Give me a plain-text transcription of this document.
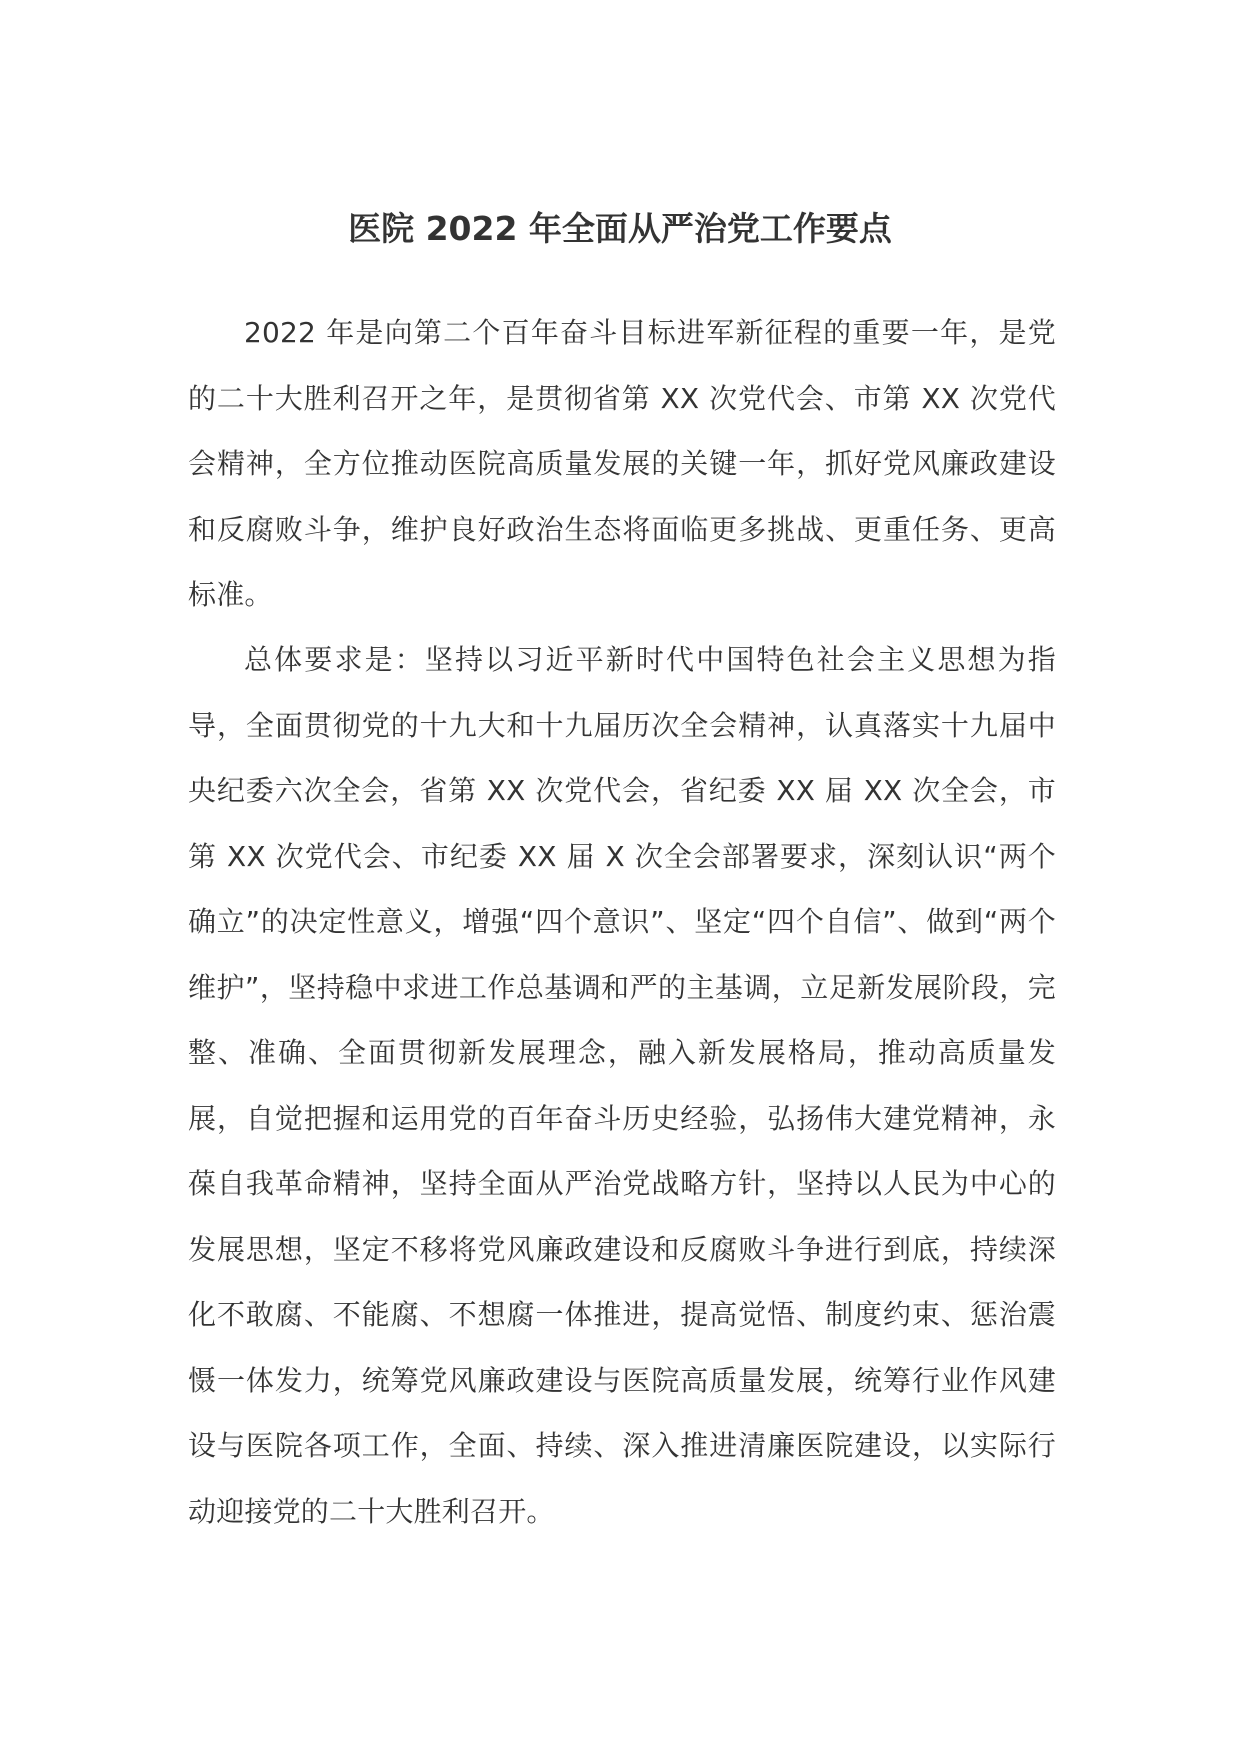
医院 2022 年全面从严治党工作要点

2022 年是向第二个百年奋斗目标进军新征程的重要一年，是党的二十大胜利召开之年，是贯彻省第 XX 次党代会、市第 XX 次党代会精神，全方位推动医院高质量发展的关键一年，抓好党风廉政建设和反腐败斗争，维护良好政治生态将面临更多挑战、更重任务、更高标准。

总体要求是：坚持以习近平新时代中国特色社会主义思想为指导，全面贯彻党的十九大和十九届历次全会精神，认真落实十九届中央纪委六次全会，省第 XX 次党代会，省纪委 XX 届 XX 次全会，市第 XX 次党代会、市纪委 XX 届 X 次全会部署要求，深刻认识“两个确立”的决定性意义，增强“四个意识”、坚定“四个自信”、做到“两个维护”，坚持稳中求进工作总基调和严的主基调，立足新发展阶段，完整、准确、全面贯彻新发展理念，融入新发展格局，推动高质量发展，自觉把握和运用党的百年奋斗历史经验，弘扬伟大建党精神，永葆自我革命精神，坚持全面从严治党战略方针，坚持以人民为中心的发展思想，坚定不移将党风廉政建设和反腐败斗争进行到底，持续深化不敢腐、不能腐、不想腐一体推进，提高觉悟、制度约束、惩治震慑一体发力，统筹党风廉政建设与医院高质量发展，统筹行业作风建设与医院各项工作，全面、持续、深入推进清廉医院建设，以实际行动迎接党的二十大胜利召开。
